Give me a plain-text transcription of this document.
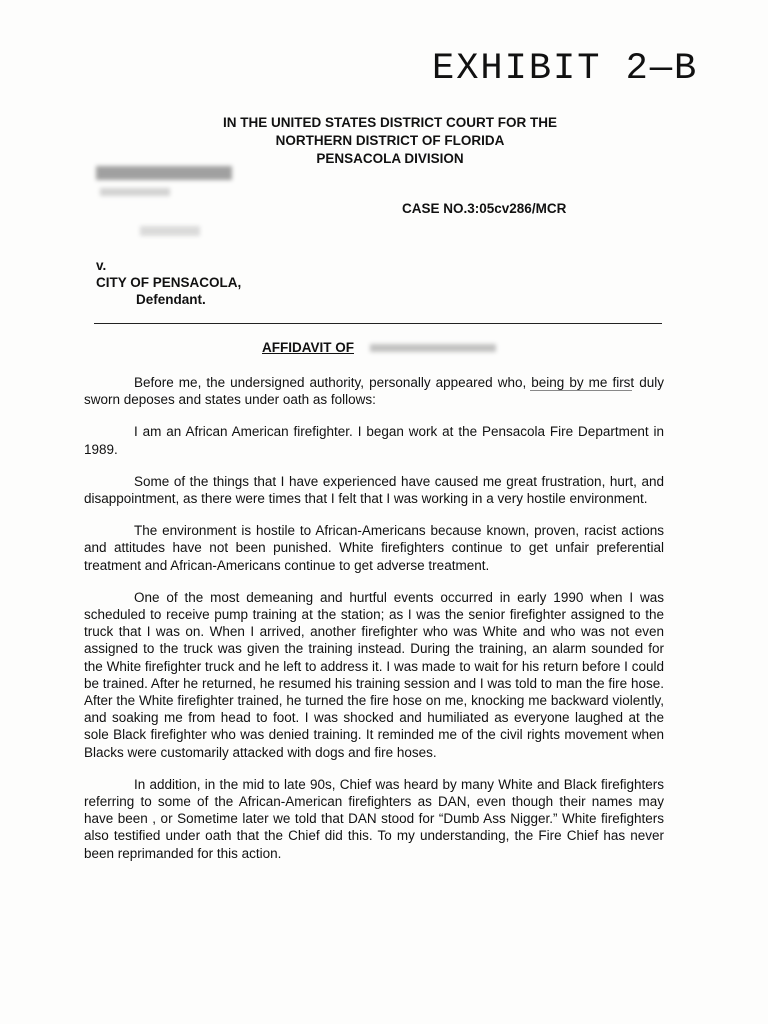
EXHIBIT 2—B
IN THE UNITED STATES DISTRICT COURT FOR THE
NORTHERN DISTRICT OF FLORIDA
PENSACOLA DIVISION
CASE NO.3:05cv286/MCR
v.
CITY OF PENSACOLA,
Defendant.
AFFIDAVIT OF

Before me, the undersigned authority, personally appeared who, being by me first duly sworn deposes and states under oath as follows:

I am an African American firefighter. I began work at the Pensacola Fire Department in 1989.

Some of the things that I have experienced have caused me great frustration, hurt, and disappointment, as there were times that I felt that I was working in a very hostile environment.

The environment is hostile to African-Americans because known, proven, racist actions and attitudes have not been punished. White firefighters continue to get unfair preferential treatment and African-Americans continue to get adverse treatment.

One of the most demeaning and hurtful events occurred in early 1990 when I was scheduled to receive pump training at the station; as I was the senior firefighter assigned to the truck that I was on. When I arrived, another firefighter who was White and who was not even assigned to the truck was given the training instead. During the training, an alarm sounded for the White firefighter truck and he left to address it. I was made to wait for his return before I could be trained. After he returned, he resumed his training session and I was told to man the fire hose. After the White firefighter trained, he turned the fire hose on me, knocking me backward violently, and soaking me from head to foot. I was shocked and humiliated as everyone laughed at the sole Black firefighter who was denied training. It reminded me of the civil rights movement when Blacks were customarily attacked with dogs and fire hoses.

In addition, in the mid to late 90s, Chief was heard by many White and Black firefighters referring to some of the African-American firefighters as DAN, even though their names may have been , or Sometime later we told that DAN stood for “Dumb Ass Nigger.” White firefighters also testified under oath that the Chief did this. To my understanding, the Fire Chief has never been reprimanded for this action.
